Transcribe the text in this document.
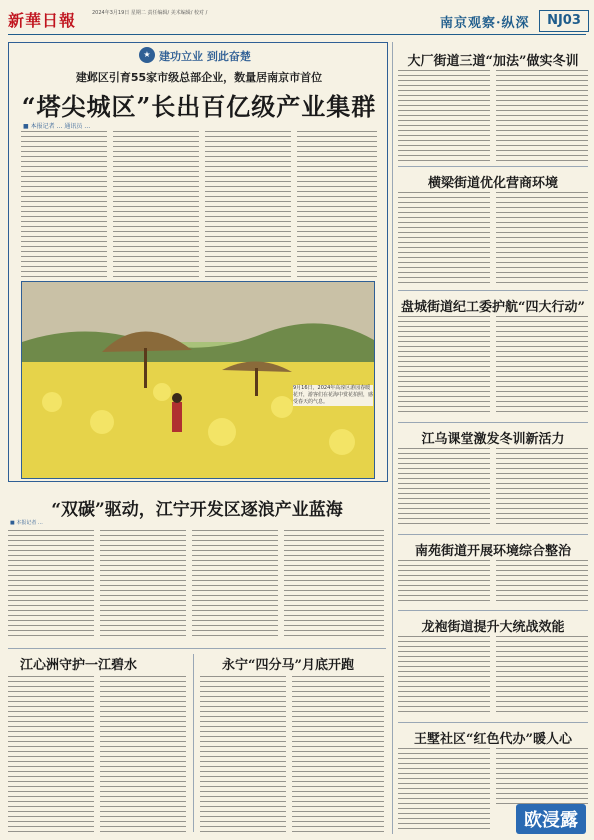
新華日報	2024年3月19日 星期二 责任编辑/ 美术编辑/ 校对 /
南京观察·纵深	NJ03
★ 建功立业 到此奋楚
建邺区引育55家市级总部企业，数量居南京市首位
“塔尖城区”长出百亿级产业集群
■ 本报记者 … 通讯员 …
9月16日，2024年高淳区游园春暖花开，游客们在花海中赏花拍照，感受春天的气息。
“双碳”驱动，江宁开发区逐浪产业蓝海
■ 本报记者 …
江心洲守护一江碧水	永宁“四分马”月底开跑
大厂街道三道“加法”做实冬训
横梁街道优化营商环境
盘城街道纪工委护航“四大行动”
江乌课堂激发冬训新活力
南苑街道开展环境综合整治
龙袍街道提升大统战效能
王墅社区“红色代办”暖人心
欧浸露
